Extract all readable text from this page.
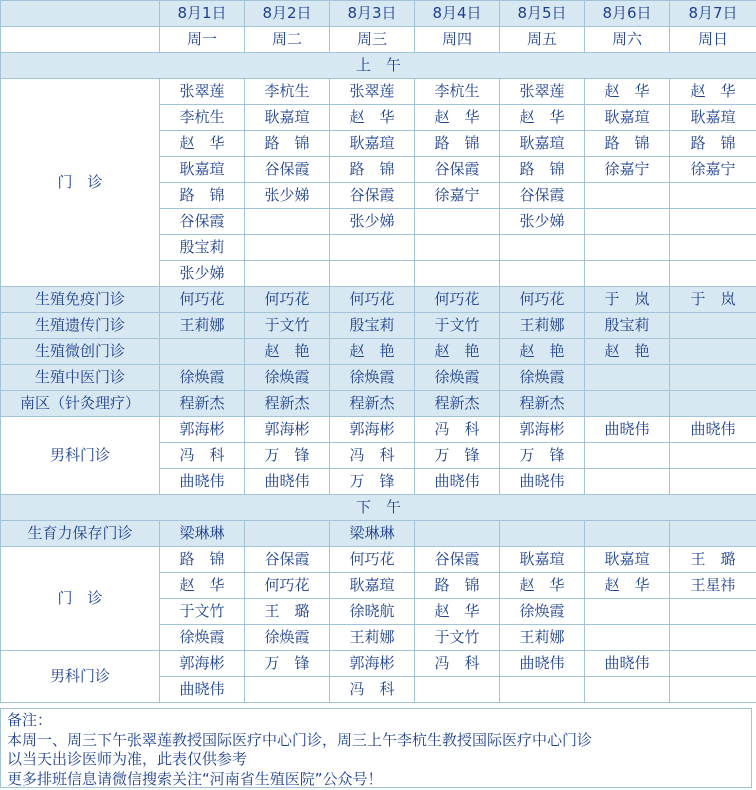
	8月1日	8月2日	8月3日	8月4日	8月5日	8月6日	8月7日
	周一	周二	周三	周四	周五	周六	周日
上　午							
门　诊	张翠莲	李杭生	张翠莲	李杭生	张翠莲	赵　华	赵　华
	李杭生	耿嘉瑄	赵　华	赵　华	赵　华	耿嘉瑄	耿嘉瑄
	赵　华	路　锦	耿嘉瑄	路　锦	耿嘉瑄	路　锦	路　锦
	耿嘉瑄	谷保霞	路　锦	谷保霞	路　锦	徐嘉宁	徐嘉宁
	路　锦	张少娣	谷保霞	徐嘉宁	谷保霞		
	谷保霞		张少娣		张少娣		
	殷宝莉						
	张少娣						
生殖免疫门诊	何巧花	何巧花	何巧花	何巧花	何巧花	于　岚	于　岚
生殖遗传门诊	王莉娜	于文竹	殷宝莉	于文竹	王莉娜	殷宝莉	
生殖微创门诊		赵　艳	赵　艳	赵　艳	赵　艳	赵　艳	
生殖中医门诊	徐焕霞	徐焕霞	徐焕霞	徐焕霞	徐焕霞		
南区（针灸理疗）	程新杰	程新杰	程新杰	程新杰	程新杰		
男科门诊	郭海彬	郭海彬	郭海彬	冯　科	郭海彬	曲晓伟	曲晓伟
	冯　科	万　锋	冯　科	万　锋	万　锋		
	曲晓伟	曲晓伟	万　锋	曲晓伟	曲晓伟		
下　午							
生育力保存门诊	梁琳琳		梁琳琳				
门　诊	路　锦	谷保霞	何巧花	谷保霞	耿嘉瑄	耿嘉瑄	王　璐
	赵　华	何巧花	耿嘉瑄	路　锦	赵　华	赵　华	王星祎
	于文竹	王　璐	徐晓航	赵　华	徐焕霞		
	徐焕霞	徐焕霞	王莉娜	于文竹	王莉娜		
男科门诊	郭海彬	万　锋	郭海彬	冯　科	曲晓伟	曲晓伟	
	曲晓伟		冯　科				
备注：
本周一、周三下午张翠莲教授国际医疗中心门诊，周三上午李杭生教授国际医疗中心门诊
以当天出诊医师为准，此表仅供参考
更多排班信息请微信搜索关注“河南省生殖医院”公众号！
